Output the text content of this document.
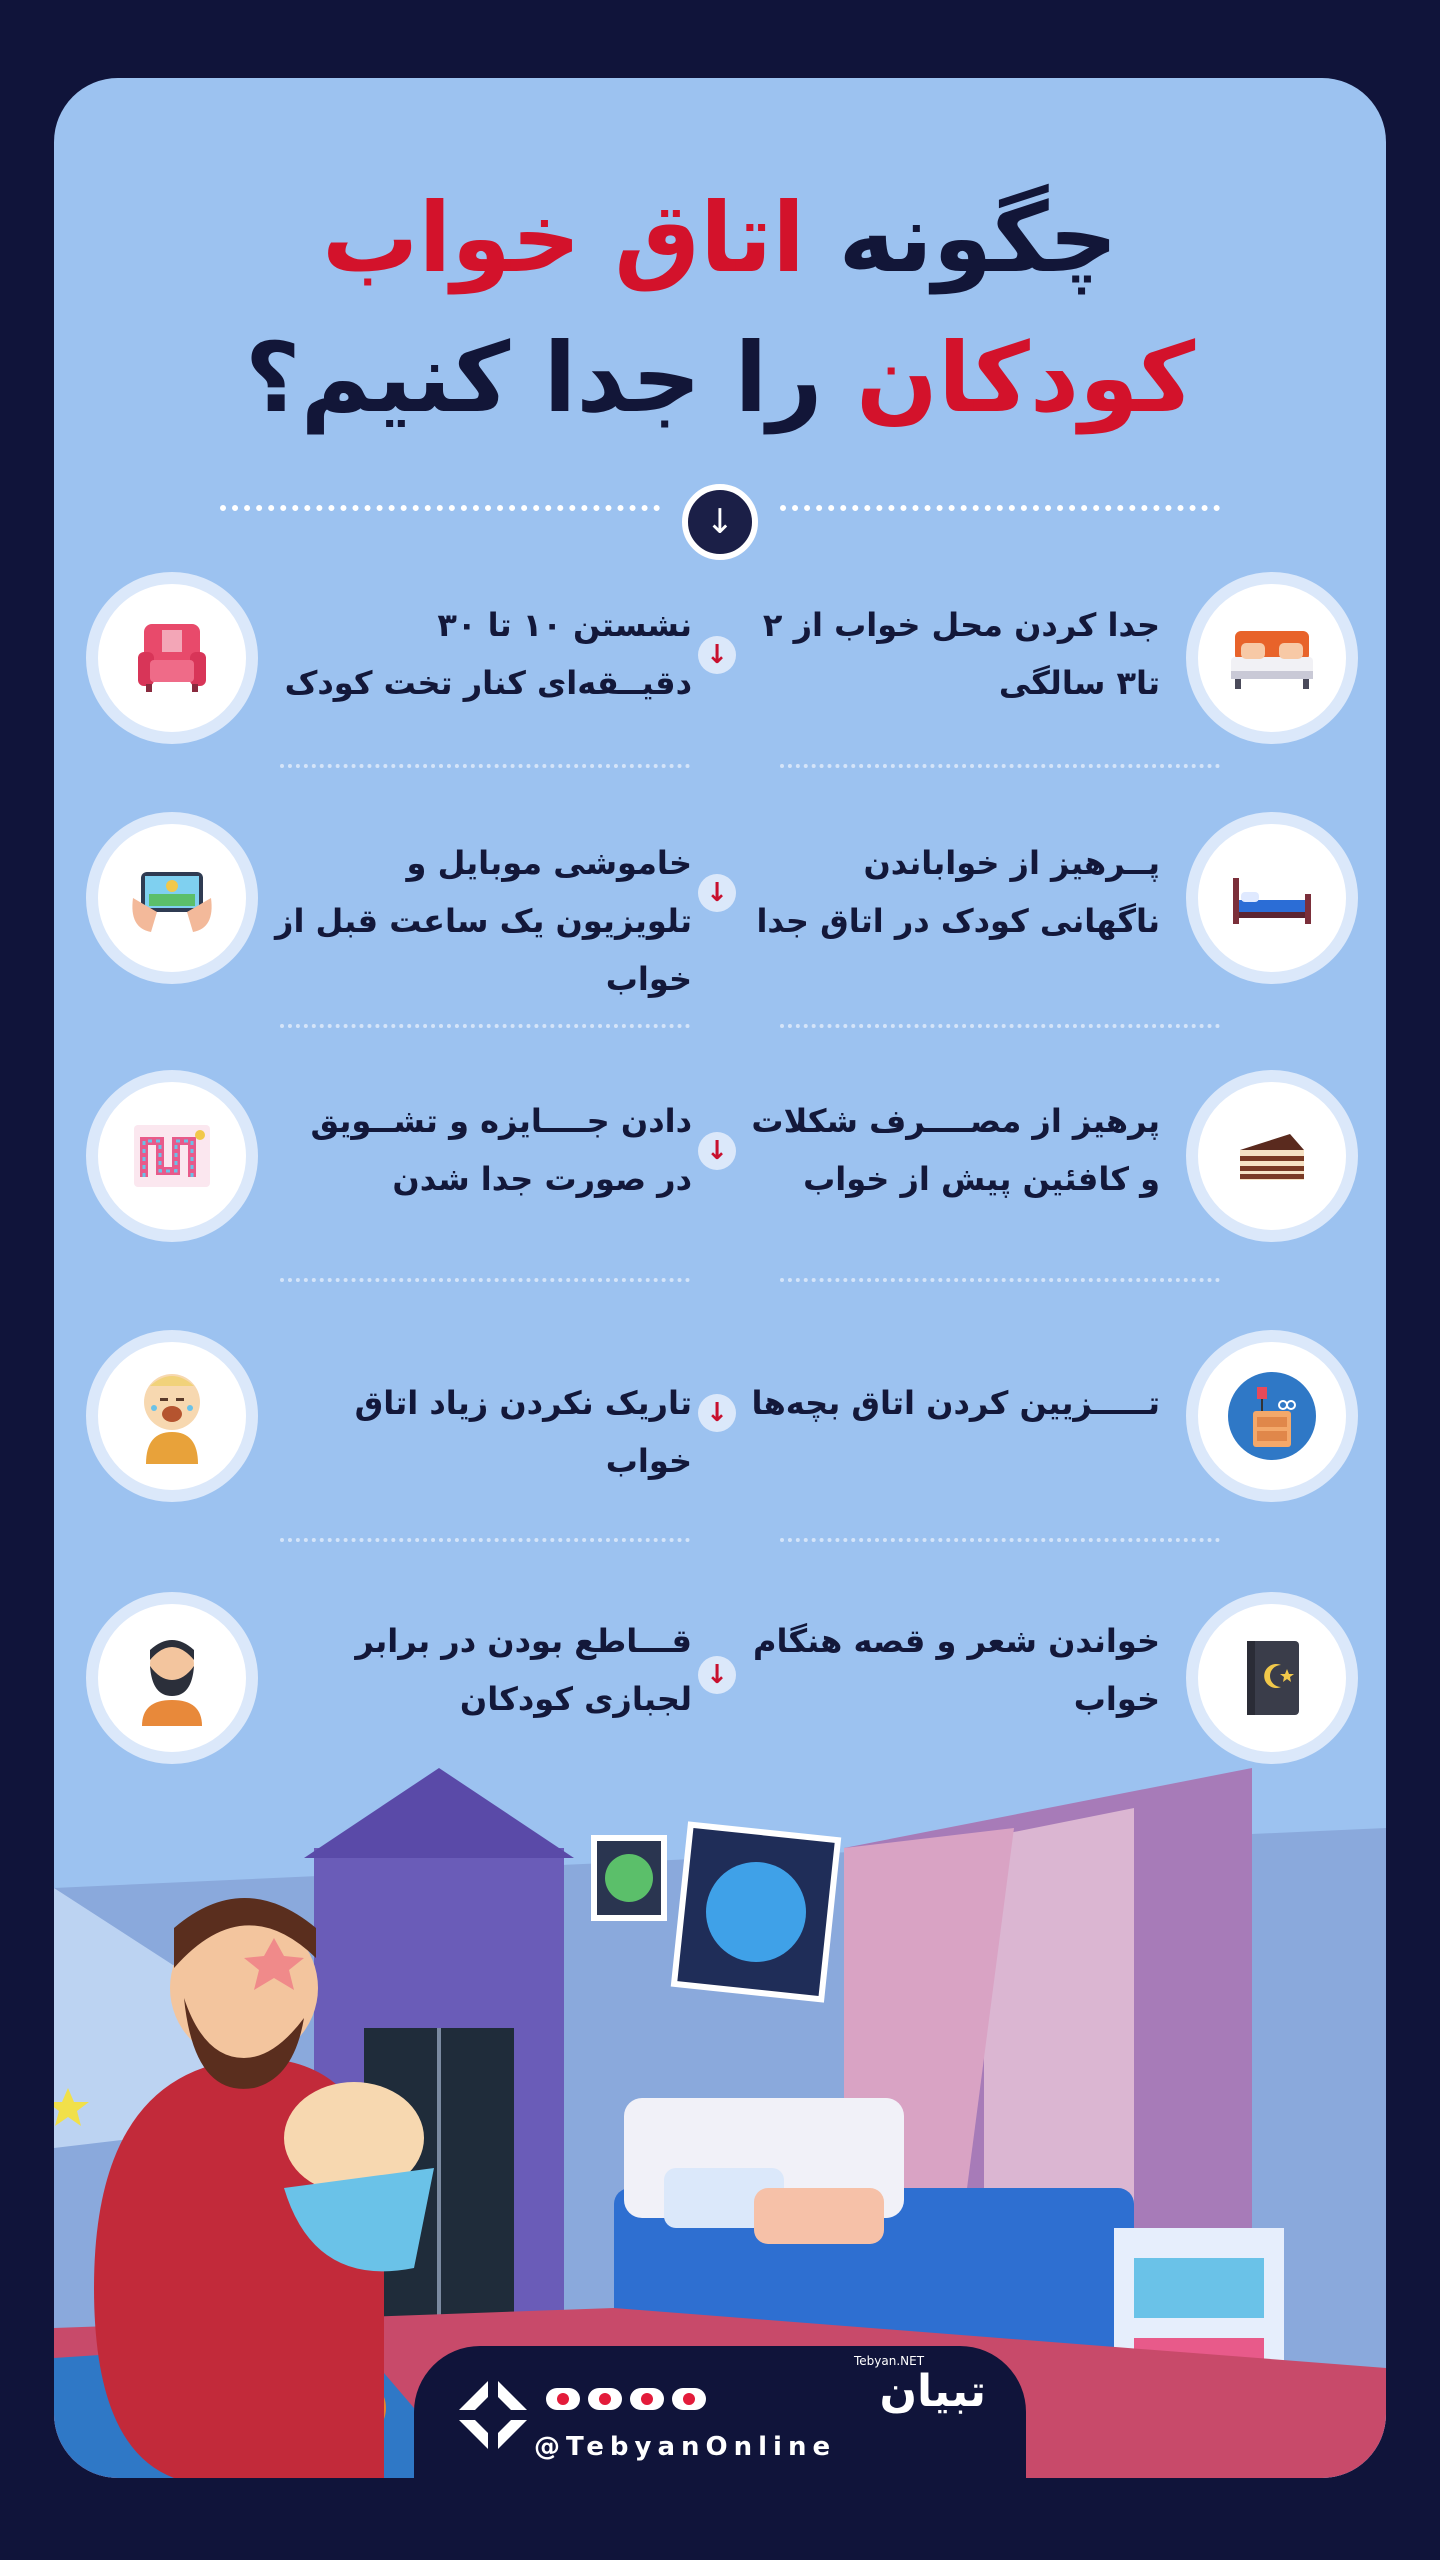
چگونه اتاق خواب
کودکان را جدا کنیم؟
↓
جدا کردن محل خواب از ۲ تا۳ سالگی
↓
نشستن ۱۰ تا ۳۰ دقیــقه‌ای کنار تخت کودک
پــرهیز از خواباندن ناگهانی کودک در اتاق جدا
↓
خاموشی موبایل و تلویزیون یک ساعت قبل از خواب
پرهیز از مصــــرف شکلات و کافئین پیش از خواب
↓
دادن جــــایزه و تشــویق در صورت جدا شدن
تـــــزیین کردن اتاق بچه‌ها
↓
تاریک نکردن زیاد اتاق خواب
خواندن شعر و قصه هنگام خواب
↓
قـــاطع بودن در برابر لجبازی کودکان
تبیان
Tebyan.NET
@TebyanOnline
